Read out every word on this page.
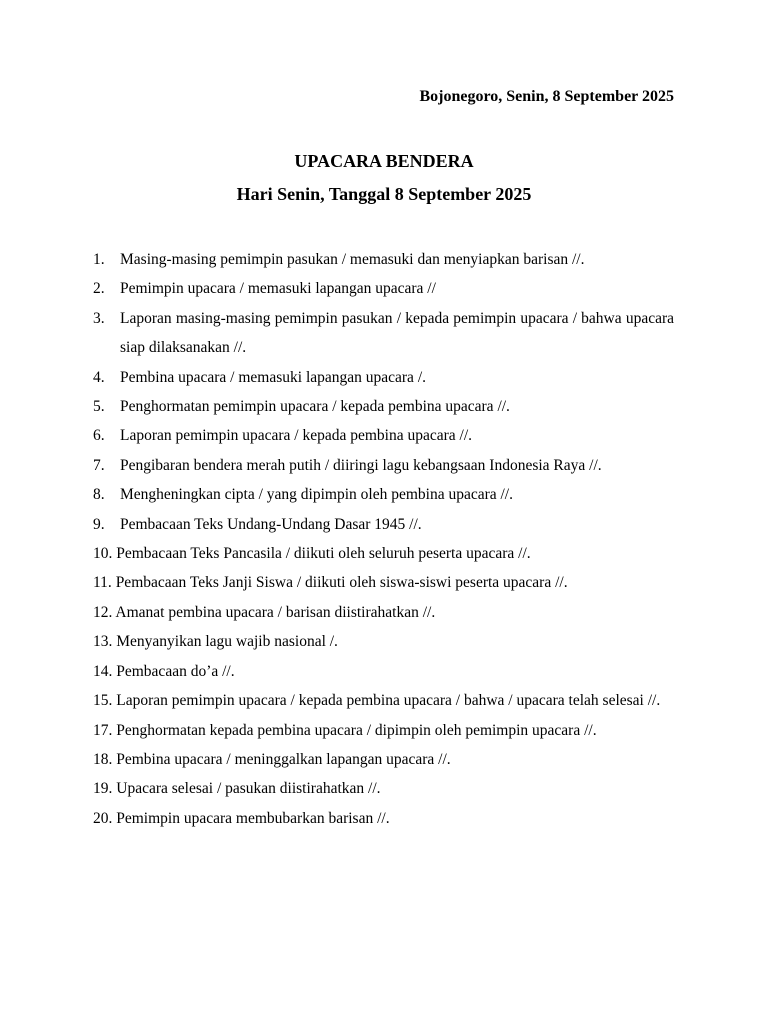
Bojonegoro, Senin, 8 September 2025
UPACARA BENDERA
Hari Senin, Tanggal 8 September 2025
1. Masing-masing pemimpin pasukan / memasuki dan menyiapkan barisan //.
2. Pemimpin upacara / memasuki lapangan upacara //
3. Laporan masing-masing pemimpin pasukan / kepada pemimpin upacara / bahwa upacara siap dilaksanakan //.
4. Pembina upacara / memasuki lapangan upacara /.
5. Penghormatan pemimpin upacara / kepada pembina upacara //.
6. Laporan pemimpin upacara / kepada pembina upacara //.
7. Pengibaran bendera merah putih / diiringi lagu kebangsaan Indonesia Raya //.
8. Mengheningkan cipta / yang dipimpin oleh pembina upacara //.
9. Pembacaan Teks Undang-Undang Dasar 1945 //.
10. Pembacaan Teks Pancasila / diikuti oleh seluruh peserta upacara //.
11. Pembacaan Teks Janji Siswa / diikuti oleh siswa-siswi peserta upacara //.
12. Amanat pembina upacara / barisan diistirahatkan //.
13. Menyanyikan lagu wajib nasional /.
14. Pembacaan do’a //.
15. Laporan pemimpin upacara / kepada pembina upacara / bahwa / upacara telah selesai //.
17. Penghormatan kepada pembina upacara / dipimpin oleh pemimpin upacara //.
18. Pembina upacara / meninggalkan lapangan upacara //.
19. Upacara selesai / pasukan diistirahatkan //.
20. Pemimpin upacara membubarkan barisan //.
